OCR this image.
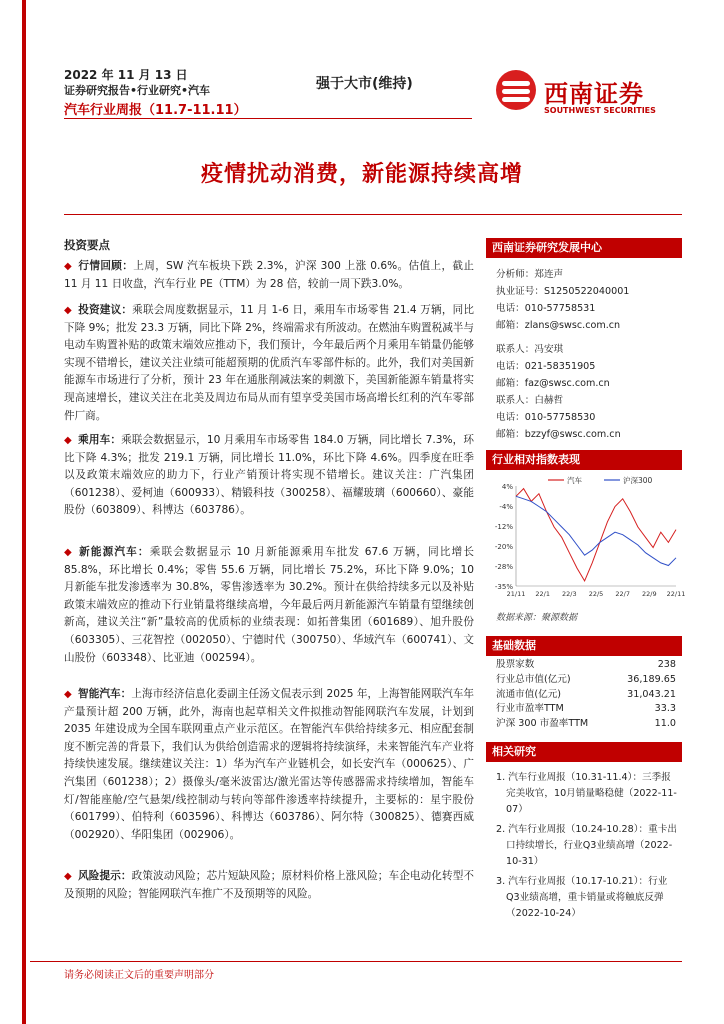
2022 年 11 月 13 日
证券研究报告•行业研究•汽车
汽车行业周报（11.7-11.11）
强于大市(维持)	西南证券
SOUTHWEST SECURITIES
疫情扰动消费，新能源持续高增
投资要点
◆ 行情回顾：上周，SW 汽车板块下跌 2.3%，沪深 300 上涨 0.6%。估值上，截止 11 月 11 日收盘，汽车行业 PE（TTM）为 28 倍，较前一周下跌3.0%。
◆ 投资建议：乘联会周度数据显示，11 月 1-6 日，乘用车市场零售 21.4 万辆，同比下降 9%；批发 23.3 万辆，同比下降 2%，终端需求有所波动。在燃油车购置税减半与电动车购置补贴的政策末端效应推动下，我们预计，今年最后两个月乘用车销量仍能够实现不错增长，建议关注业绩可能超预期的优质汽车零部件标的。此外，我们对美国新能源车市场进行了分析，预计 23 年在通胀削减法案的刺激下，美国新能源车销量将实现高速增长，建议关注在北美及周边布局从而有望享受美国市场高增长红利的汽车零部件厂商。
◆ 乘用车：乘联会数据显示，10 月乘用车市场零售 184.0 万辆，同比增长 7.3%，环比下降 4.3%；批发 219.1 万辆，同比增长 11.0%，环比下降 4.6%。四季度在旺季以及政策末端效应的助力下，行业产销预计将实现不错增长。建议关注：广汽集团（601238）、爱柯迪（600933）、精锻科技（300258）、福耀玻璃（600660）、豪能股份（603809）、科博达（603786）。
◆ 新能源汽车：乘联会数据显示 10 月新能源乘用车批发 67.6 万辆，同比增长 85.8%，环比增长 0.4%；零售 55.6 万辆，同比增长 75.2%，环比下降 9.0%；10 月新能车批发渗透率为 30.8%，零售渗透率为 30.2%。预计在供给持续多元以及补贴政策末端效应的推动下行业销量将继续高增，今年最后两月新能源汽车销量有望继续创新高，建议关注“新”量较高的优质标的业绩表现：如拓普集团（601689）、旭升股份（603305）、三花智控（002050）、宁德时代（300750）、华域汽车（600741）、文山股份（603348）、比亚迪（002594）。
◆ 智能汽车：上海市经济信息化委副主任汤文侃表示到 2025 年，上海智能网联汽车年产量预计超 200 万辆，此外，海南也起草相关文件拟推动智能网联汽车发展，计划到 2035 年建设成为全国车联网重点产业示范区。在智能汽车供给持续多元、相应配套制度不断完善的背景下，我们认为供给创造需求的逻辑将持续演绎，未来智能汽车产业将持续快速发展。继续建议关注：1）华为汽车产业链机会，如长安汽车（000625）、广汽集团（601238）；2）摄像头/毫米波雷达/激光雷达等传感器需求持续增加，智能车灯/智能座舱/空气悬架/线控制动与转向等部件渗透率持续提升，主要标的：星宇股份（601799）、伯特利（603596）、科博达（603786）、阿尔特（300825）、德赛西威（002920）、华阳集团（002906）。
◆ 风险提示：政策波动风险；芯片短缺风险；原材料价格上涨风险；车企电动化转型不及预期的风险；智能网联汽车推广不及预期等的风险。
西南证券研究发展中心
分析师：郑连声
执业证号：S1250522040001
电话：010-57758531
邮箱：zlans@swsc.com.cn
联系人：冯安琪
电话：021-58351905
邮箱：faz@swsc.com.cn
联系人：白赫哲
电话：010-57758530
邮箱：bzzyf@swsc.com.cn
行业相对指数表现
4%
-4%
-12%
-20%
-28%
-35%
21/11 22/1 22/3 22/5 22/7 22/9 22/11
汽车	沪深300
数据来源：聚源数据
基础数据
股票家数	238
行业总市值(亿元)	36,189.65
流通市值(亿元)	31,043.21
行业市盈率TTM	33.3
沪深 300 市盈率TTM	11.0
相关研究
1. 汽车行业周报（10.31-11.4）：三季报完美收官，10月销量略稳健（2022-11-07）
2. 汽车行业周报（10.24-10.28）：重卡出口持续增长，行业Q3业绩高增（2022-10-31）
3. 汽车行业周报（10.17-10.21）：行业Q3业绩高增，重卡销量或将触底反弹（2022-10-24）
请务必阅读正文后的重要声明部分
